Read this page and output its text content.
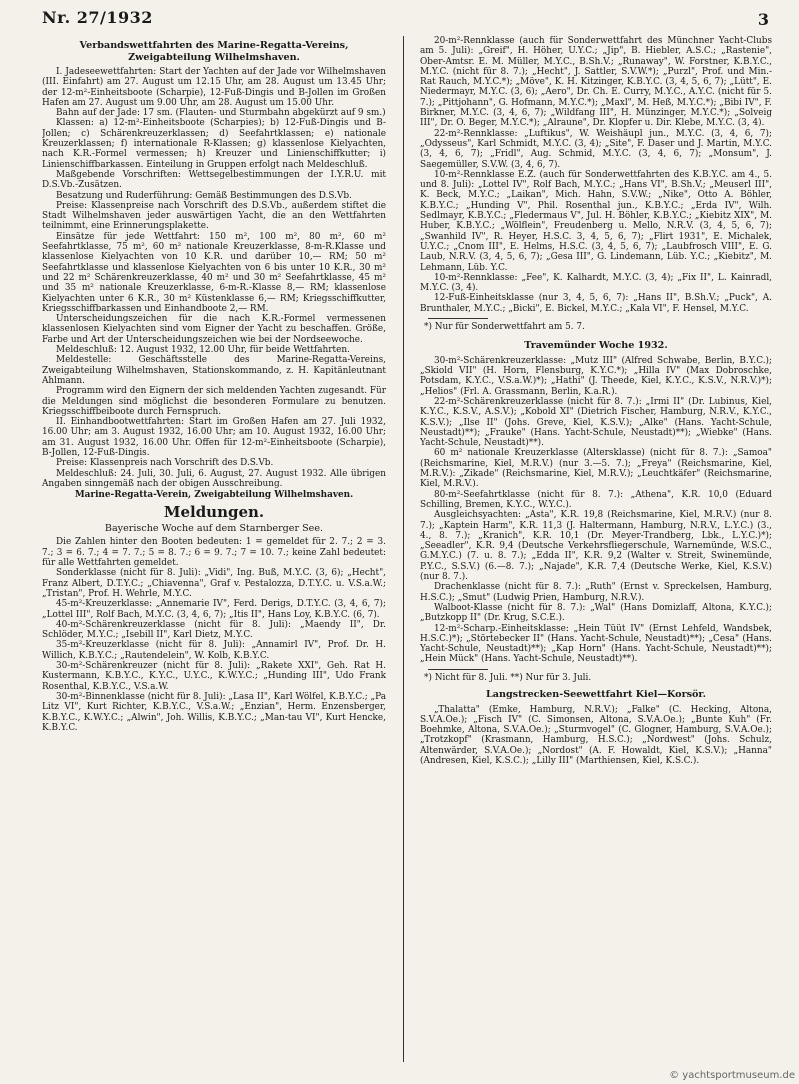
Nr. 27/1932	3
Verbandswettfahrten des Marine-Regatta-Vereins,
Zweigabteilung Wilhelmshaven.

I. Jadeseewettfahrten: Start der Yachten auf der Jade vor Wilhelmshaven (III. Einfahrt) am 27. August um 12.15 Uhr, am 28. August um 13.45 Uhr; der 12-m²-Einheitsboote (Scharpie), 12-Fuß-Dingis und B-Jollen im Großen Hafen am 27. August um 9.00 Uhr, am 28. August um 15.00 Uhr.

Bahn auf der Jade: 17 sm. (Flauten- und Sturmbahn abgekürzt auf 9 sm.)

Klassen: a) 12-m²-Einheitsboote (Scharpies); b) 12-Fuß-Dingis und B-Jollen; c) Schärenkreuzerklassen; d) Seefahrtklassen; e) nationale Kreuzerklassen; f) internationale R-Klassen; g) klassenlose Kielyachten, nach K.R.-Formel vermessen; h) Kreuzer und Linienschiffkutter; i) Linienschiffbarkassen. Einteilung in Gruppen erfolgt nach Meldeschluß.

Maßgebende Vorschriften: Wettsegelbestimmungen der I.Y.R.U. mit D.S.Vb.-Zusätzen.

Besatzung und Ruderführung: Gemäß Bestimmungen des D.S.Vb.

Preise: Klassenpreise nach Vorschrift des D.S.Vb., außerdem stiftet die Stadt Wilhelmshaven jeder auswärtigen Yacht, die an den Wettfahrten teilnimmt, eine Erinnerungsplakette.

Einsätze für jede Wettfahrt: 150 m², 100 m², 80 m², 60 m² Seefahrtklasse, 75 m², 60 m² nationale Kreuzerklasse, 8-m-R.Klasse und klassenlose Kielyachten von 10 K.R. und darüber 10,— RM; 50 m² Seefahrtklasse und klassenlose Kielyachten von 6 bis unter 10 K.R., 30 m² und 22 m² Schärenkreuzerklasse, 40 m² und 30 m² Seefahrtklasse, 45 m² und 35 m² nationale Kreuzerklasse, 6-m-R.-Klasse 8,— RM; klassenlose Kielyachten unter 6 K.R., 30 m² Küstenklasse 6,— RM; Kriegsschiffkutter, Kriegsschiffbarkassen und Einhandboote 2,— RM.

Unterscheidungszeichen für die nach K.R.-Formel vermessenen klassenlosen Kielyachten sind vom Eigner der Yacht zu beschaffen. Größe, Farbe und Art der Unterscheidungszeichen wie bei der Nordseewoche.

Meldeschluß: 12. August 1932, 12.00 Uhr, für beide Wettfahrten.

Meldestelle: Geschäftsstelle des Marine-Regatta-Vereins, Zweigabteilung Wilhelmshaven, Stationskommando, z. H. Kapitänleutnant Ahlmann.

Programm wird den Eignern der sich meldenden Yachten zugesandt. Für die Meldungen sind möglichst die besonderen Formulare zu benutzen. Kriegsschiffbeiboote durch Fernspruch.

II. Einhandbootwettfahrten: Start im Großen Hafen am 27. Juli 1932, 16.00 Uhr; am 3. August 1932, 16.00 Uhr; am 10. August 1932, 16.00 Uhr; am 31. August 1932, 16.00 Uhr. Offen für 12-m²-Einheitsboote (Scharpie), B-Jollen, 12-Fuß-Dingis.

Preise: Klassenpreis nach Vorschrift des D.S.Vb.

Meldeschluß: 24. Juli, 30. Juli, 6. August, 27. August 1932. Alle übrigen Angaben sinngemäß nach der obigen Ausschreibung.

Marine-Regatta-Verein, Zweigabteilung Wilhelmshaven.

Meldungen.
Bayerische Woche auf dem Starnberger See.

Die Zahlen hinter den Booten bedeuten: 1 = gemeldet für 2. 7.; 2 = 3. 7.; 3 = 6. 7.; 4 = 7. 7.; 5 = 8. 7.; 6 = 9. 7.; 7 = 10. 7.; keine Zahl bedeutet: für alle Wettfahrten gemeldet.

Sonderklasse (nicht für 8. Juli): „Vidi", Ing. Buß, M.Y.C. (3, 6); „Hecht", Franz Albert, D.T.Y.C.; „Chiavenna", Graf v. Pestalozza, D.T.Y.C. u. V.S.a.W.; „Tristan", Prof. H. Wehrle, M.Y.C.

45-m²-Kreuzerklasse: „Annemarie IV", Ferd. Derigs, D.T.Y.C. (3, 4, 6, 7); „Lottel III", Rolf Bach, M.Y.C. (3, 4, 6, 7); „Itis II", Hans Loy, K.B.Y.C. (6, 7).

40-m²-Schärenkreuzerklasse (nicht für 8. Juli): „Maendy II", Dr. Schlöder, M.Y.C.; „Isebill II", Karl Dietz, M.Y.C.

35-m²-Kreuzerklasse (nicht für 8. Juli): „Annamirl IV", Prof. Dr. H. Willich, K.B.Y.C.; „Rautendelein", W. Kolb, K.B.Y.C.

30-m²-Schärenkreuzer (nicht für 8. Juli): „Rakete XXI", Geh. Rat H. Kustermann, K.B.Y.C., K.Y.C., U.Y.C., K.W.Y.C.; „Hunding III", Udo Frank Rosenthal, K.B.Y.C., V.S.a.W.

30-m²-Binnenklasse (nicht für 8. Juli): „Lasa II", Karl Wölfel, K.B.Y.C.; „Pa Litz VI", Kurt Richter, K.B.Y.C., V.S.a.W.; „Enzian", Herm. Enzensberger, K.B.Y.C., K.W.Y.C.; „Alwin", Joh. Willis, K.B.Y.C.; „Man-tau VI", Kurt Hencke, K.B.Y.C.

20-m²-Rennklasse (auch für Sonderwettfahrt des Münchner Yacht-Clubs am 5. Juli): „Greif", H. Höher, U.Y.C.; „Jip", B. Hiebler, A.S.C.; „Rastenie", Ober-Amtsr. E. M. Müller, M.Y.C., B.Sh.V.; „Runaway", W. Forstner, K.B.Y.C., M.Y.C. (nicht für 8. 7.); „Hecht", J. Sattler, S.V.W.*); „Purzl", Prof. und Min.-Rat Rauch, M.Y.C.*); „Möve", K. H. Kitzinger, K.B.Y.C. (3, 4, 5, 6, 7); „Lütt", E. Niedermayr, M.Y.C. (3, 6); „Aero", Dr. Ch. E. Curry, M.Y.C., A.Y.C. (nicht für 5. 7.); „Pittjohann", G. Hofmann, M.Y.C.*); „Maxl", M. Heß, M.Y.C.*); „Bibi IV", F. Birkner, M.Y.C. (3, 4, 6, 7); „Wildfang III", H. Münzinger, M.Y.C.*); „Solveig III", Dr. O. Beger, M.Y.C.*); „Alraune", Dr. Klopfer u. Dir. Klebe, M.Y.C. (3, 4).

22-m²-Rennklasse: „Luftikus", W. Weishäupl jun., M.Y.C. (3, 4, 6, 7); „Odysseus", Karl Schmidt, M.Y.C. (3, 4); „Site", F. Daser und J. Martin, M.Y.C. (3, 4, 6, 7); „Fridl", Aug. Schmid, M.Y.C. (3, 4, 6, 7); „Monsum", J. Saegemüller, S.V.W. (3, 4, 6, 7).

10-m²-Rennklasse E.Z. (auch für Sonderwettfahrten des K.B.Y.C. am 4., 5. und 8. Juli): „Lottel IV", Rolf Bach, M.Y.C.; „Hans VI", B.Sh.V.; „Meuserl III", K. Beck, M.Y.C.; „Laikan", Mich. Hahn, S.V.W.; „Nike", Otto A. Böhler, K.B.Y.C.; „Hunding V", Phil. Rosenthal jun., K.B.Y.C.; „Erda IV", Wilh. Sedlmayr, K.B.Y.C.; „Fledermaus V", Jul. H. Böhler, K.B.Y.C.; „Kiebitz XIX", M. Huber, K.B.Y.C.; „Wölflein", Freudenberg u. Mello, N.R.V. (3, 4, 5, 6, 7); „Swanhild IV", R. Heyer, H.S.C. 3, 4, 5, 6, 7); „Flirt 1931", E. Michalek, U.Y.C.; „Cnom III", E. Helms, H.S.C. (3, 4, 5, 6, 7); „Laubfrosch VIII", E. G. Laub, N.R.V. (3, 4, 5, 6, 7); „Gesa III", G. Lindemann, Lüb. Y.C.; „Kiebitz", M. Lehmann, Lüb. Y.C.

10-m²-Rennklasse: „Fee", K. Kalhardt, M.Y.C. (3, 4); „Fix II", L. Kainradl, M.Y.C. (3, 4).

12-Fuß-Einheitsklasse (nur 3, 4, 5, 6, 7): „Hans II", B.Sh.V.; „Puck", A. Brunthaler, M.Y.C.; „Bicki", E. Bickel, M.Y.C.; „Kala VI", F. Hensel, M.Y.C.

*) Nur für Sonderwettfahrt am 5. 7.

Travemünder Woche 1932.

30-m²-Schärenkreuzerklasse: „Mutz III" (Alfred Schwabe, Berlin, B.Y.C.); „Skiold VII" (H. Horn, Flensburg, K.Y.C.*); „Hilla IV" (Max Dobroschke, Potsdam, K.Y.C., V.S.a.W.)*); „Hathi" (J. Theede, Kiel, K.Y.C., K.S.V., N.R.V.)*); „Helios" (Frl. A. Grassmann, Berlin, K.a.R.).

22-m²-Schärenkreuzerklasse (nicht für 8. 7.): „Irmi II" (Dr. Lubinus, Kiel, K.Y.C., K.S.V., A.S.V.); „Kobold XI" (Dietrich Fischer, Hamburg, N.R.V., K.Y.C., K.S.V.); „Ilse II" (Johs. Greve, Kiel, K.S.V.); „Alke" (Hans. Yacht-Schule, Neustadt)**); „Frauke" (Hans. Yacht-Schule, Neustadt)**); „Wiebke" (Hans. Yacht-Schule, Neustadt)**).

60 m² nationale Kreuzerklasse (Altersklasse) (nicht für 8. 7.): „Samoa" (Reichsmarine, Kiel, M.R.V.) (nur 3.—5. 7.); „Freya" (Reichsmarine, Kiel, M.R.V.): „Zikade" (Reichsmarine, Kiel, M.R.V.); „Leuchtkäfer" (Reichsmarine, Kiel, M.R.V.).

80-m²-Seefahrtklasse (nicht für 8. 7.): „Athena", K.R. 10,0 (Eduard Schilling, Bremen, K.Y.C., W.Y.C.).

Ausgleichsyachten: „Asta", K.R. 19,8 (Reichsmarine, Kiel, M.R.V.) (nur 8. 7.); „Kaptein Harm", K.R. 11,3 (J. Haltermann, Hamburg, N.R.V., L.Y.C.) (3., 4., 8. 7.); „Kranich", K.R. 10,1 (Dr. Meyer-Trandberg, Lbk., L.Y.C.)*); „Seeadler", K.R. 9,4 (Deutsche Verkehrsfliegerschule, Warnemünde, W.S.C., G.M.Y.C.) (7. u. 8. 7.); „Edda II", K.R. 9,2 (Walter v. Streit, Swinemünde, P.Y.C., S.S.V.) (6.—8. 7.); „Najade", K.R. 7,4 (Deutsche Werke, Kiel, K.S.V.) (nur 8. 7.).

Drachenklasse (nicht für 8. 7.): „Ruth" (Ernst v. Spreckelsen, Hamburg, H.S.C.); „Smut" (Ludwig Prien, Hamburg, N.R.V.).

Walboot-Klasse (nicht für 8. 7.): „Wal" (Hans Domizlaff, Altona, K.Y.C.); „Butzkopp II" (Dr. Krug, S.C.E.).

12-m²-Scharp.-Einheitsklasse: „Hein Tüüt IV" (Ernst Lehfeld, Wandsbek, H.S.C.)*); „Störtebecker II" (Hans. Yacht-Schule, Neustadt)**); „Cesa" (Hans. Yacht-Schule, Neustadt)**); „Kap Horn" (Hans. Yacht-Schule, Neustadt)**); „Hein Mück" (Hans. Yacht-Schule, Neustadt)**).

*) Nicht für 8. Juli. **) Nur für 3. Juli.

Langstrecken-Seewettfahrt Kiel—Korsör.

„Thalatta" (Emke, Hamburg, N.R.V.); „Falke" (C. Hecking, Altona, S.V.A.Oe.); „Fisch IV" (C. Simonsen, Altona, S.V.A.Oe.); „Bunte Kuh" (Fr. Boehmke, Altona, S.V.A.Oe.); „Sturmvogel" (C. Glogner, Hamburg, S.V.A.Oe.); „Trotzkopf" (Krasmann, Hamburg, H.S.C.); „Nordwest" (Johs. Schulz, Altenwärder, S.V.A.Oe.); „Nordost" (A. F. Howaldt, Kiel, K.S.V.); „Hanna" (Andresen, Kiel, K.S.C.); „Lilly III" (Marthiensen, Kiel, K.S.C.).

© yachtsportmuseum.de
